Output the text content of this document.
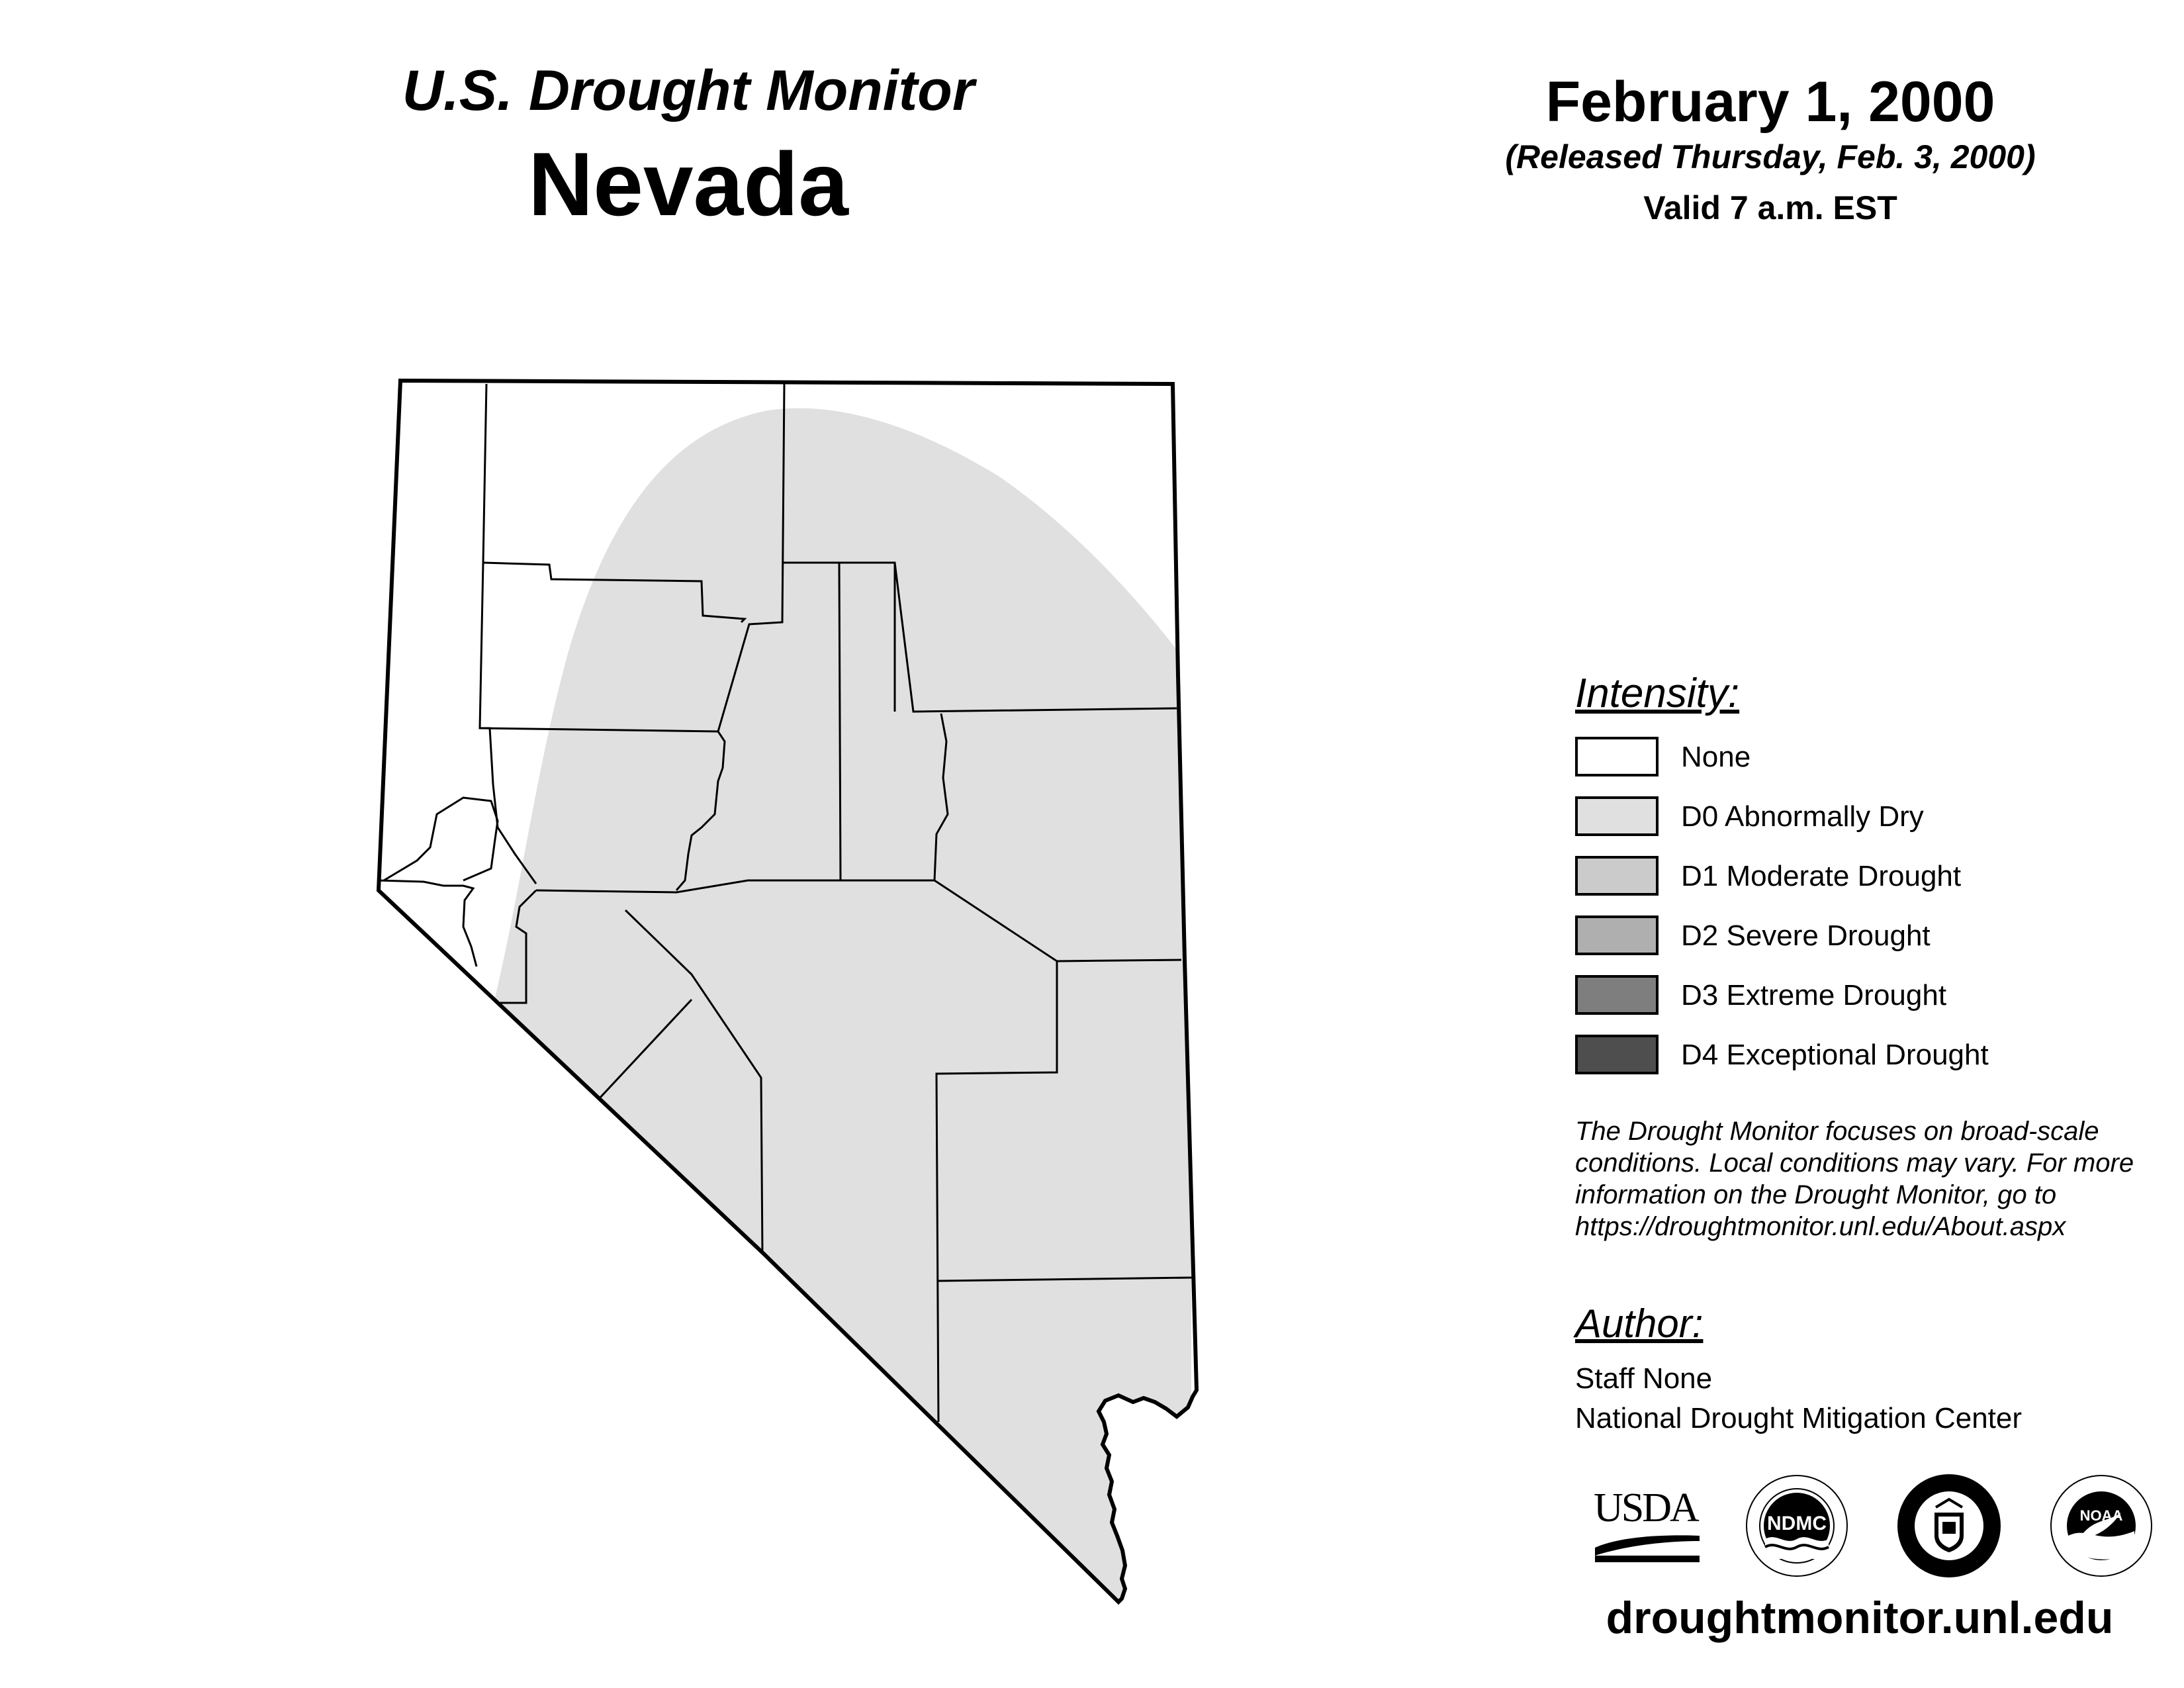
U.S. Drought Monitor
Nevada
February 1, 2000
(Released Thursday, Feb. 3, 2000)
Valid 7 a.m. EST
Intensity:
None
D0 Abnormally Dry
D1 Moderate Drought
D2 Severe Drought
D3 Extreme Drought
D4 Exceptional Drought
The Drought Monitor focuses on broad-scale
conditions. Local conditions may vary. For more
information on the Drought Monitor, go to
https://droughtmonitor.unl.edu/About.aspx
Author:
Staff None
National Drought Mitigation Center
USDA	NDMC	NOAA
droughtmonitor.unl.edu
